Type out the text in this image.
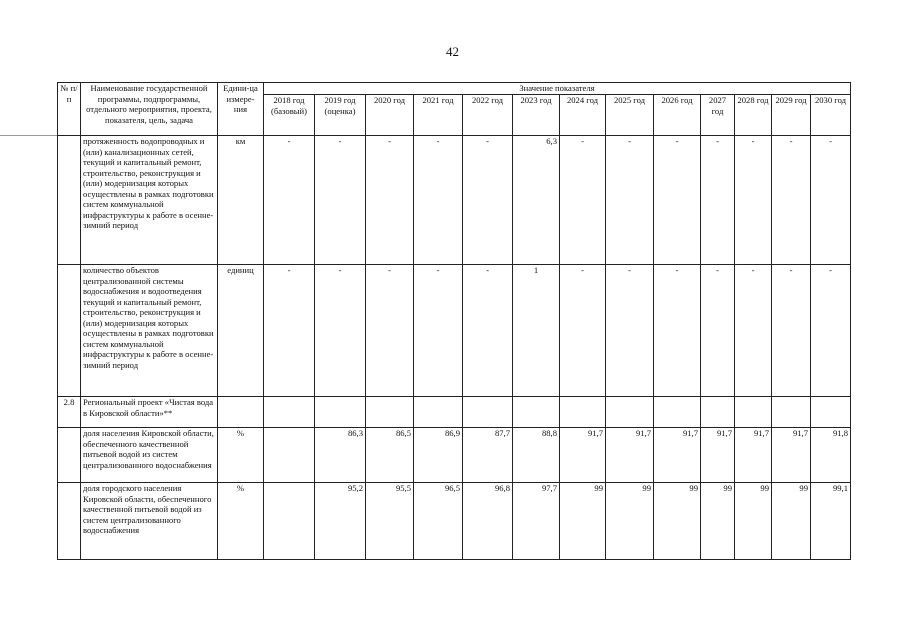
42
№ п/п	Наименование государственной программы, подпрограммы, отдельного мероприятия, проекта, показателя, цель, задача	Едини-ца измере-ния	Значение показателя												
			2018 год (базовый)	2019 год (оценка)	2020 год	2021 год	2022 год	2023 год	2024 год	2025 год	2026 год	2027 год	2028 год	2029 год	2030 год
	протяженность водопроводных и (или) канализационных сетей, текущий и капитальный ремонт, строительство, реконструкция и (или) модернизация которых осуществлены в рамках подготовки систем коммунальной инфраструктуры к работе в осенне-зимний период	км	-	-	-	-	-	6,3	-	-	-	-	-	-	-
	количество объектов централизованной системы водоснабжения и водоотведения текущий и капитальный ремонт, строительство, реконструкция и (или) модернизация которых осуществлены в рамках подготовки систем коммунальной инфраструктуры к работе в осенне-зимний период	единиц	-	-	-	-	-	1	-	-	-	-	-	-	-
2.8	Региональный проект «Чистая вода в Кировской области»**														
	доля населения Кировской области, обеспеченного качественной питьевой водой из систем централизованного водоснабжения	%		86,3	86,5	86,9	87,7	88,8	91,7	91,7	91,7	91,7	91,7	91,7	91,8
	доля городского населения Кировской области, обеспеченного качественной питьевой водой из систем централизованного водоснабжения	%		95,2	95,5	96,5	96,8	97,7	99	99	99	99	99	99	99,1
